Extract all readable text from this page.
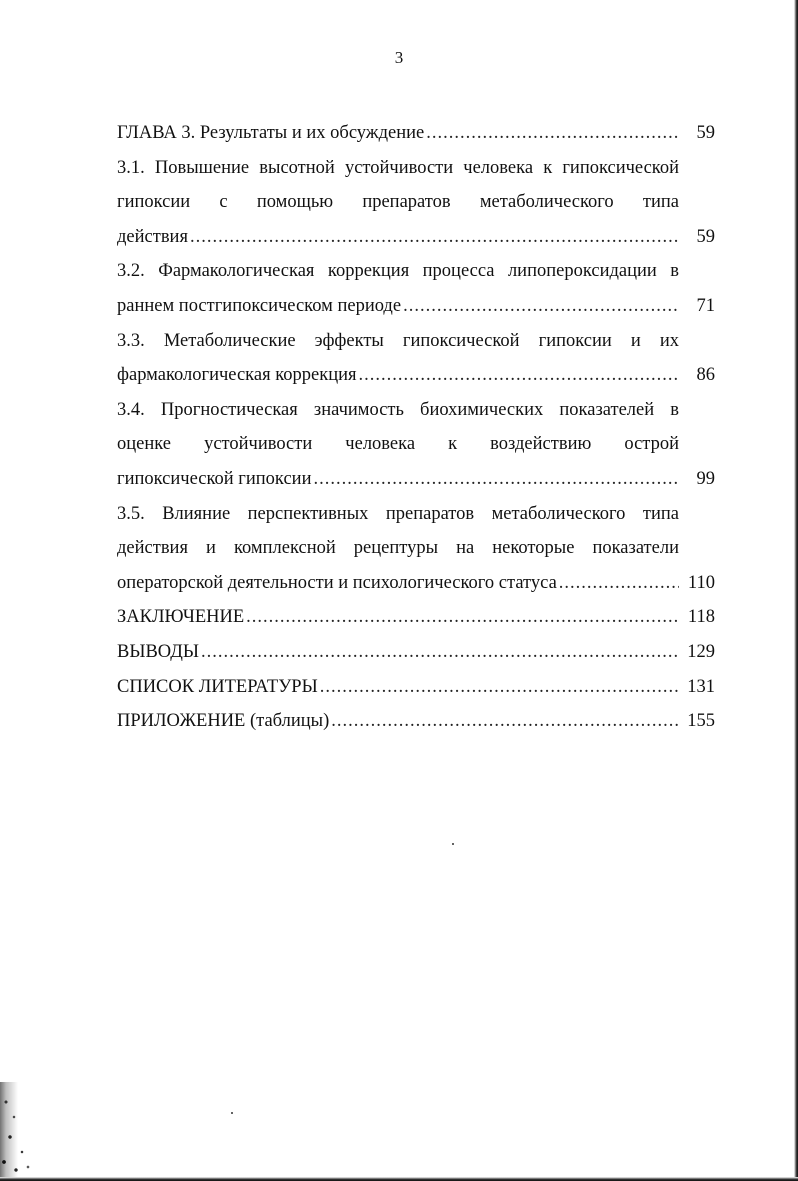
3
ГЛАВА 3. Результаты и их обсуждение .....	59
3.1. Повышение высотной устойчивости человека к гипоксической
гипоксии с помощью препаратов метаболического типа
действия .....	59
3.2. Фармакологическая коррекция процесса липопероксидации в
раннем постгипоксическом периоде .....	71
3.3. Метаболические эффекты гипоксической гипоксии и их
фармакологическая коррекция .....	86
3.4. Прогностическая значимость биохимических показателей в
оценке устойчивости человека к воздействию острой
гипоксической гипоксии .....	99
3.5. Влияние перспективных препаратов метаболического типа
действия и комплексной рецептуры на некоторые показатели
операторской деятельности и психологического статуса .....	110
ЗАКЛЮЧЕНИЕ .....	118
ВЫВОДЫ .....	129
СПИСОК ЛИТЕРАТУРЫ .....	131
ПРИЛОЖЕНИЕ (таблицы) .....	155
